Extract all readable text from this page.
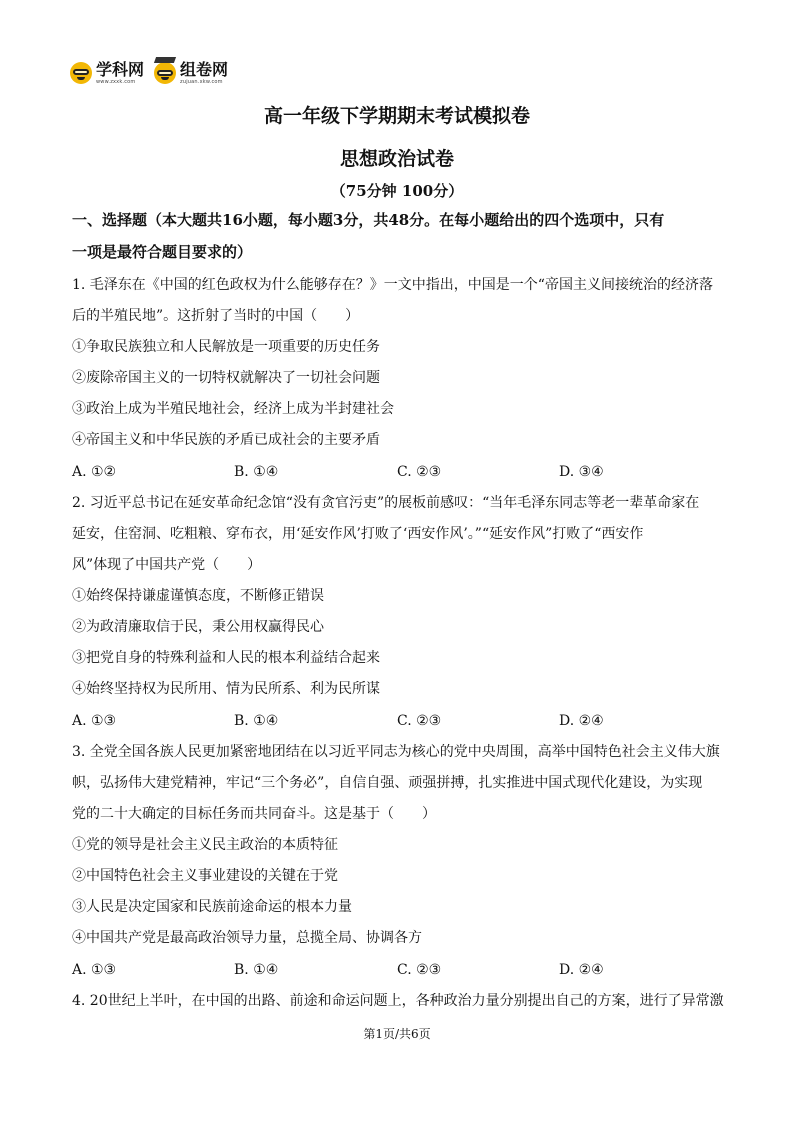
学科网
www.zxxk.com
组卷网
zujuan.xkw.com
高一年级下学期期末考试模拟卷
思想政治试卷
（75分钟 100分）
一、选择题（本大题共16小题，每小题3分，共48分。在每小题给出的四个选项中，只有
一项是最符合题目要求的）
1. 毛泽东在《中国的红色政权为什么能够存在？》一文中指出，中国是一个“帝国主义间接统治的经济落
后的半殖民地”。这折射了当时的中国（　　）
①争取民族独立和人民解放是一项重要的历史任务
②废除帝国主义的一切特权就解决了一切社会问题
③政治上成为半殖民地社会，经济上成为半封建社会
④帝国主义和中华民族的矛盾已成社会的主要矛盾
A. ①②	B. ①④	C. ②③	D. ③④
2. 习近平总书记在延安革命纪念馆“没有贪官污吏”的展板前感叹：“当年毛泽东同志等老一辈革命家在
延安，住窑洞、吃粗粮、穿布衣，用‘延安作风’打败了‘西安作风’。”“延安作风”打败了“西安作
风”体现了中国共产党（　　）
①始终保持谦虚谨慎态度，不断修正错误
②为政清廉取信于民，秉公用权赢得民心
③把党自身的特殊利益和人民的根本利益结合起来
④始终坚持权为民所用、情为民所系、利为民所谋
A. ①③	B. ①④	C. ②③	D. ②④
3. 全党全国各族人民更加紧密地团结在以习近平同志为核心的党中央周围，高举中国特色社会主义伟大旗
帜，弘扬伟大建党精神，牢记“三个务必”，自信自强、顽强拼搏，扎实推进中国式现代化建设，为实现
党的二十大确定的目标任务而共同奋斗。这是基于（　　）
①党的领导是社会主义民主政治的本质特征
②中国特色社会主义事业建设的关键在于党
③人民是决定国家和民族前途命运的根本力量
④中国共产党是最高政治领导力量，总揽全局、协调各方
A. ①③	B. ①④	C. ②③	D. ②④
4. 20世纪上半叶，在中国的出路、前途和命运问题上，各种政治力量分别提出自己的方案，进行了异常激
第1页/共6页
